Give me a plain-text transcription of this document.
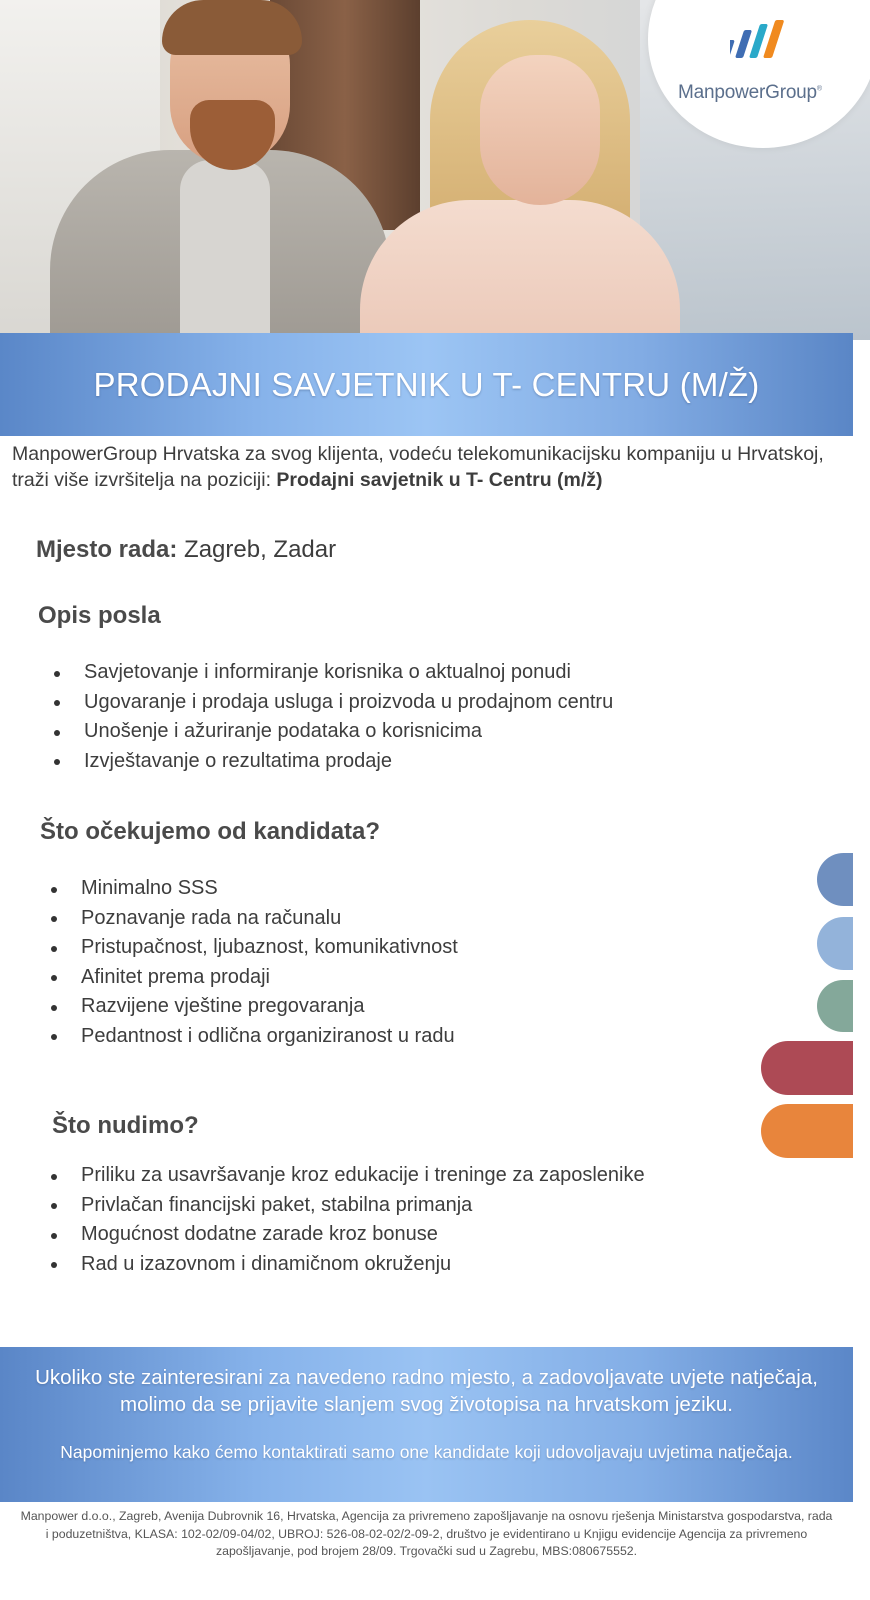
ManpowerGroup®
PRODAJNI SAVJETNIK U T- CENTRU (M/Ž)
ManpowerGroup Hrvatska za svog klijenta, vodeću telekomunikacijsku kompaniju u Hrvatskoj, traži više izvršitelja na poziciji: Prodajni savjetnik u T- Centru (m/ž)
Mjesto rada: Zagreb, Zadar
Opis posla
Savjetovanje i informiranje korisnika o aktualnoj ponudi
Ugovaranje i prodaja usluga i proizvoda u prodajnom centru
Unošenje i ažuriranje podataka o korisnicima
Izvještavanje o rezultatima prodaje
Što očekujemo od kandidata?
Minimalno SSS
Poznavanje rada na računalu
Pristupačnost, ljubaznost, komunikativnost
Afinitet prema prodaji
Razvijene vještine pregovaranja
Pedantnost i odlična organiziranost u radu
Što nudimo?
Priliku za usavršavanje kroz edukacije i treninge za zaposlenike
Privlačan financijski paket, stabilna primanja
Mogućnost dodatne zarade kroz bonuse
Rad u izazovnom i dinamičnom okruženju
Ukoliko ste zainteresirani za navedeno radno mjesto, a zadovoljavate uvjete natječaja, molimo da se prijavite slanjem svog životopisa na hrvatskom jeziku.
Napominjemo kako ćemo kontaktirati samo one kandidate koji udovoljavaju uvjetima natječaja.
Manpower d.o.o., Zagreb, Avenija Dubrovnik 16, Hrvatska, Agencija za privremeno zapošljavanje na osnovu rješenja Ministarstva gospodarstva, rada i poduzetništva, KLASA: 102-02/09-04/02, UBROJ: 526-08-02-02/2-09-2, društvo je evidentirano u Knjigu evidencije Agencija za privremeno zapošljavanje, pod brojem 28/09. Trgovački sud u Zagrebu, MBS:080675552.
